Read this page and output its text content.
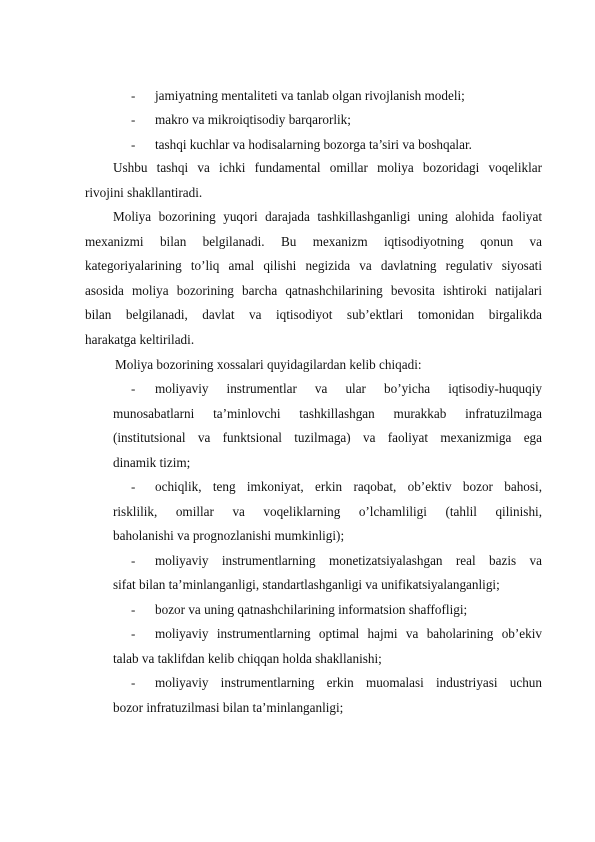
- jamiyatning mentaliteti va tanlab olgan rivojlanish modeli;
- makro va mikroiqtisodiy barqarorlik;
- tashqi kuchlar va hodisalarning bozorga ta’siri va boshqalar.
Ushbu tashqi va ichki fundamental omillar moliya bozoridagi voqeliklar
rivojini shakllantiradi.
Moliya bozorining yuqori darajada tashkillashganligi uning alohida faoliyat
mexanizmi bilan belgilanadi. Bu mexanizm iqtisodiyotning qonun va
kategoriyalarining to’liq amal qilishi negizida va davlatning regulativ siyosati
asosida moliya bozorining barcha qatnashchilarining bevosita ishtiroki natijalari
bilan belgilanadi, davlat va iqtisodiyot sub’ektlari tomonidan birgalikda
harakatga keltiriladi.
Moliya bozorining xossalari quyidagilardan kelib chiqadi:
- moliyaviy instrumentlar va ular bo’yicha iqtisodiy-huquqiy
munosabatlarni ta’minlovchi tashkillashgan murakkab infratuzilmaga
(institutsional va funktsional tuzilmaga) va faoliyat mexanizmiga ega
dinamik tizim;
- ochiqlik, teng imkoniyat, erkin raqobat, ob’ektiv bozor bahosi,
risklilik, omillar va voqeliklarning o’lchamliligi (tahlil qilinishi,
baholanishi va prognozlanishi mumkinligi);
- moliyaviy instrumentlarning monetizatsiyalashgan real bazis va
sifat bilan ta’minlanganligi, standartlashganligi va unifikatsiyalanganligi;
- bozor va uning qatnashchilarining informatsion shaffofligi;
- moliyaviy instrumentlarning optimal hajmi va baholarining ob’ekiv
talab va taklifdan kelib chiqqan holda shakllanishi;
- moliyaviy instrumentlarning erkin muomalasi industriyasi uchun
bozor infratuzilmasi bilan ta’minlanganligi;
